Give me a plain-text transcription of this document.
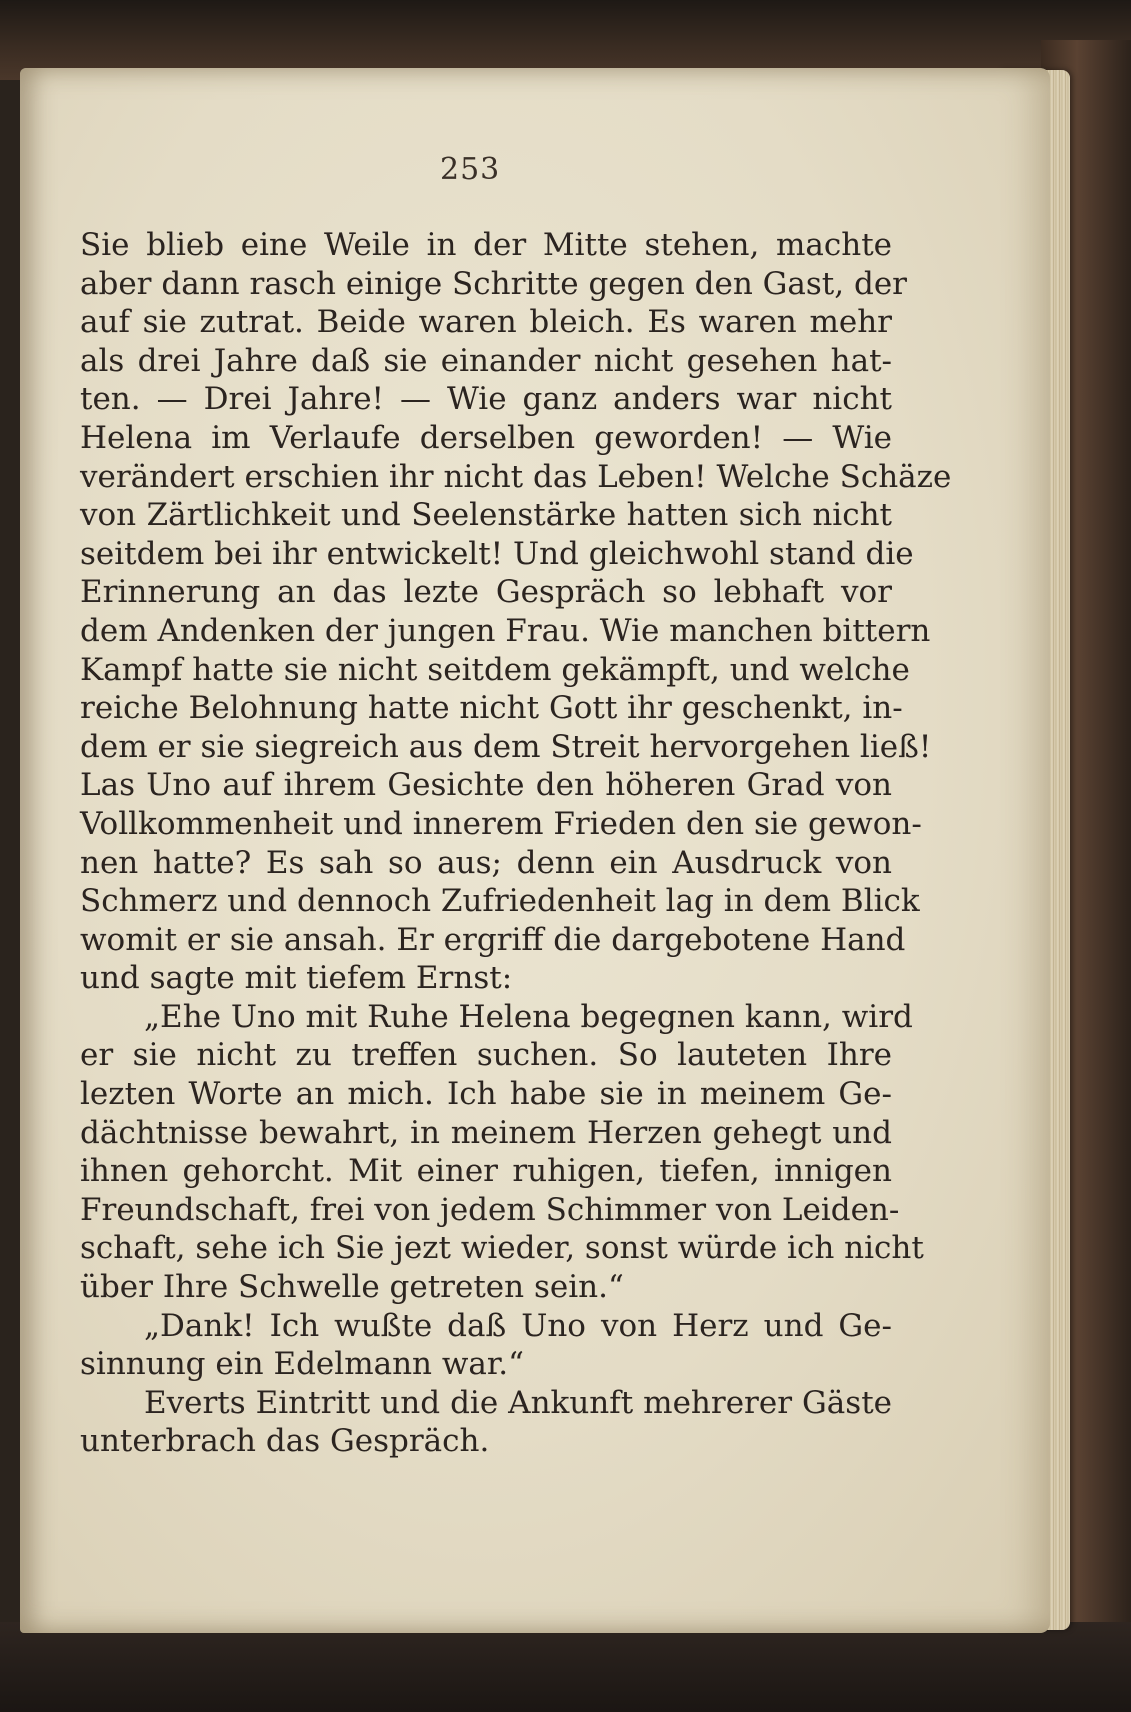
253
Sie blieb eine Weile in der Mitte stehen, machte
aber dann rasch einige Schritte gegen den Gast, der
auf sie zutrat. Beide waren bleich. Es waren mehr
als drei Jahre daß sie einander nicht gesehen hat-
ten. — Drei Jahre! — Wie ganz anders war nicht
Helena im Verlaufe derselben geworden! — Wie
verändert erschien ihr nicht das Leben! Welche Schäze
von Zärtlichkeit und Seelenstärke hatten sich nicht
seitdem bei ihr entwickelt! Und gleichwohl stand die
Erinnerung an das lezte Gespräch so lebhaft vor
dem Andenken der jungen Frau. Wie manchen bittern
Kampf hatte sie nicht seitdem gekämpft, und welche
reiche Belohnung hatte nicht Gott ihr geschenkt, in-
dem er sie siegreich aus dem Streit hervorgehen ließ!
Las Uno auf ihrem Gesichte den höheren Grad von
Vollkommenheit und innerem Frieden den sie gewon-
nen hatte? Es sah so aus; denn ein Ausdruck von
Schmerz und dennoch Zufriedenheit lag in dem Blick
womit er sie ansah. Er ergriff die dargebotene Hand
und sagte mit tiefem Ernst:
„Ehe Uno mit Ruhe Helena begegnen kann, wird
er sie nicht zu treffen suchen. So lauteten Ihre
lezten Worte an mich. Ich habe sie in meinem Ge-
dächtnisse bewahrt, in meinem Herzen gehegt und
ihnen gehorcht. Mit einer ruhigen, tiefen, innigen
Freundschaft, frei von jedem Schimmer von Leiden-
schaft, sehe ich Sie jezt wieder, sonst würde ich nicht
über Ihre Schwelle getreten sein.“
„Dank! Ich wußte daß Uno von Herz und Ge-
sinnung ein Edelmann war.“
Everts Eintritt und die Ankunft mehrerer Gäste
unterbrach das Gespräch.
